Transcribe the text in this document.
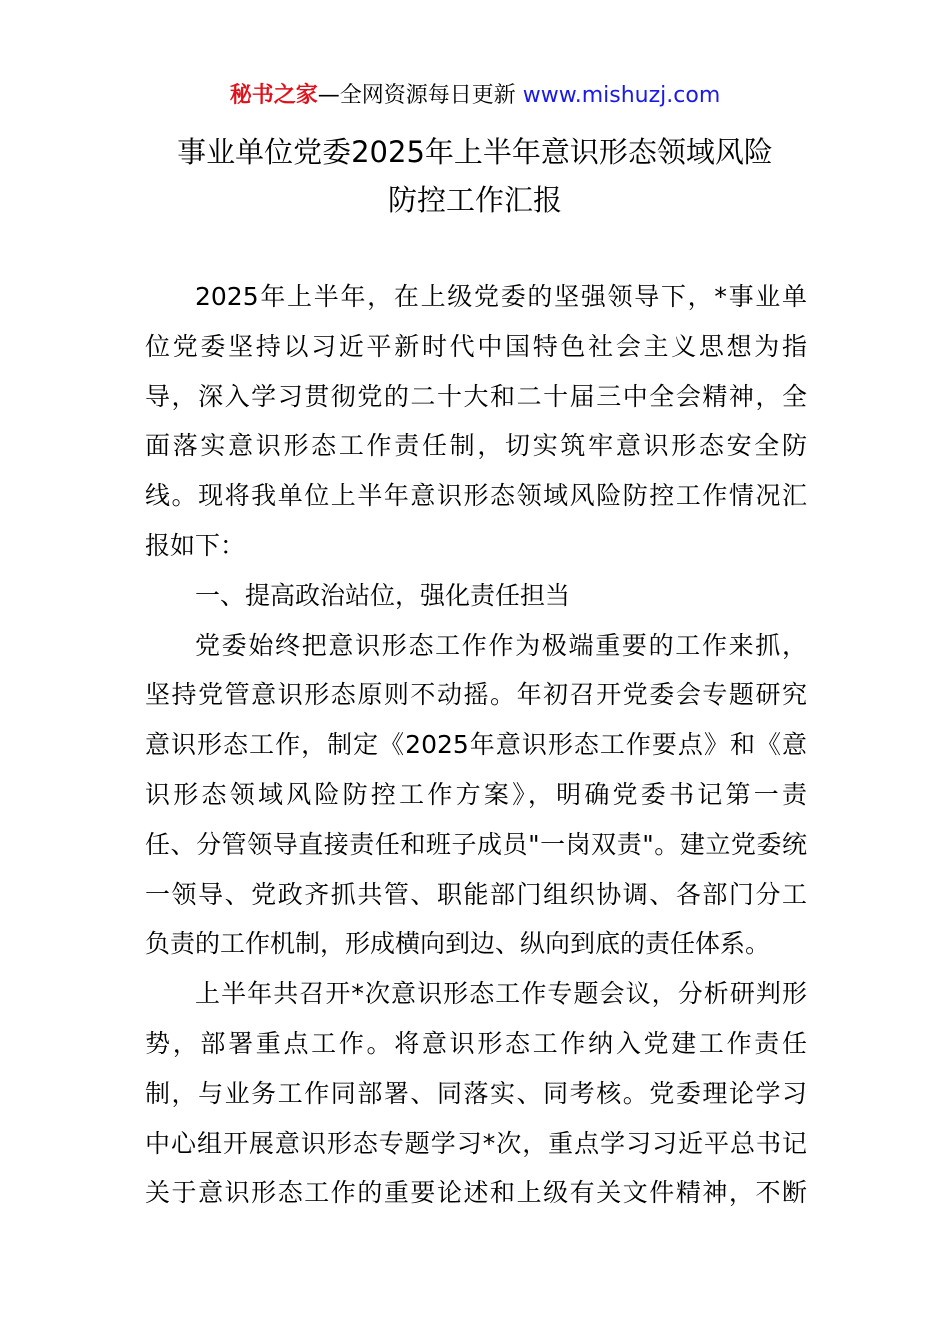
秘书之家—全网资源每日更新 www.mishuzj.com
事业单位党委2025年上半年意识形态领域风险
防控工作汇报
2025年上半年，在上级党委的坚强领导下，*事业单
位党委坚持以习近平新时代中国特色社会主义思想为指
导，深入学习贯彻党的二十大和二十届三中全会精神，全
面落实意识形态工作责任制，切实筑牢意识形态安全防
线。现将我单位上半年意识形态领域风险防控工作情况汇
报如下：
一、提高政治站位，强化责任担当
党委始终把意识形态工作作为极端重要的工作来抓，
坚持党管意识形态原则不动摇。年初召开党委会专题研究
意识形态工作，制定《2025年意识形态工作要点》和《意
识形态领域风险防控工作方案》，明确党委书记第一责
任、分管领导直接责任和班子成员"一岗双责"。建立党委统
一领导、党政齐抓共管、职能部门组织协调、各部门分工
负责的工作机制，形成横向到边、纵向到底的责任体系。
上半年共召开*次意识形态工作专题会议，分析研判形
势，部署重点工作。将意识形态工作纳入党建工作责任
制，与业务工作同部署、同落实、同考核。党委理论学习
中心组开展意识形态专题学习*次，重点学习习近平总书记
关于意识形态工作的重要论述和上级有关文件精神，不断
